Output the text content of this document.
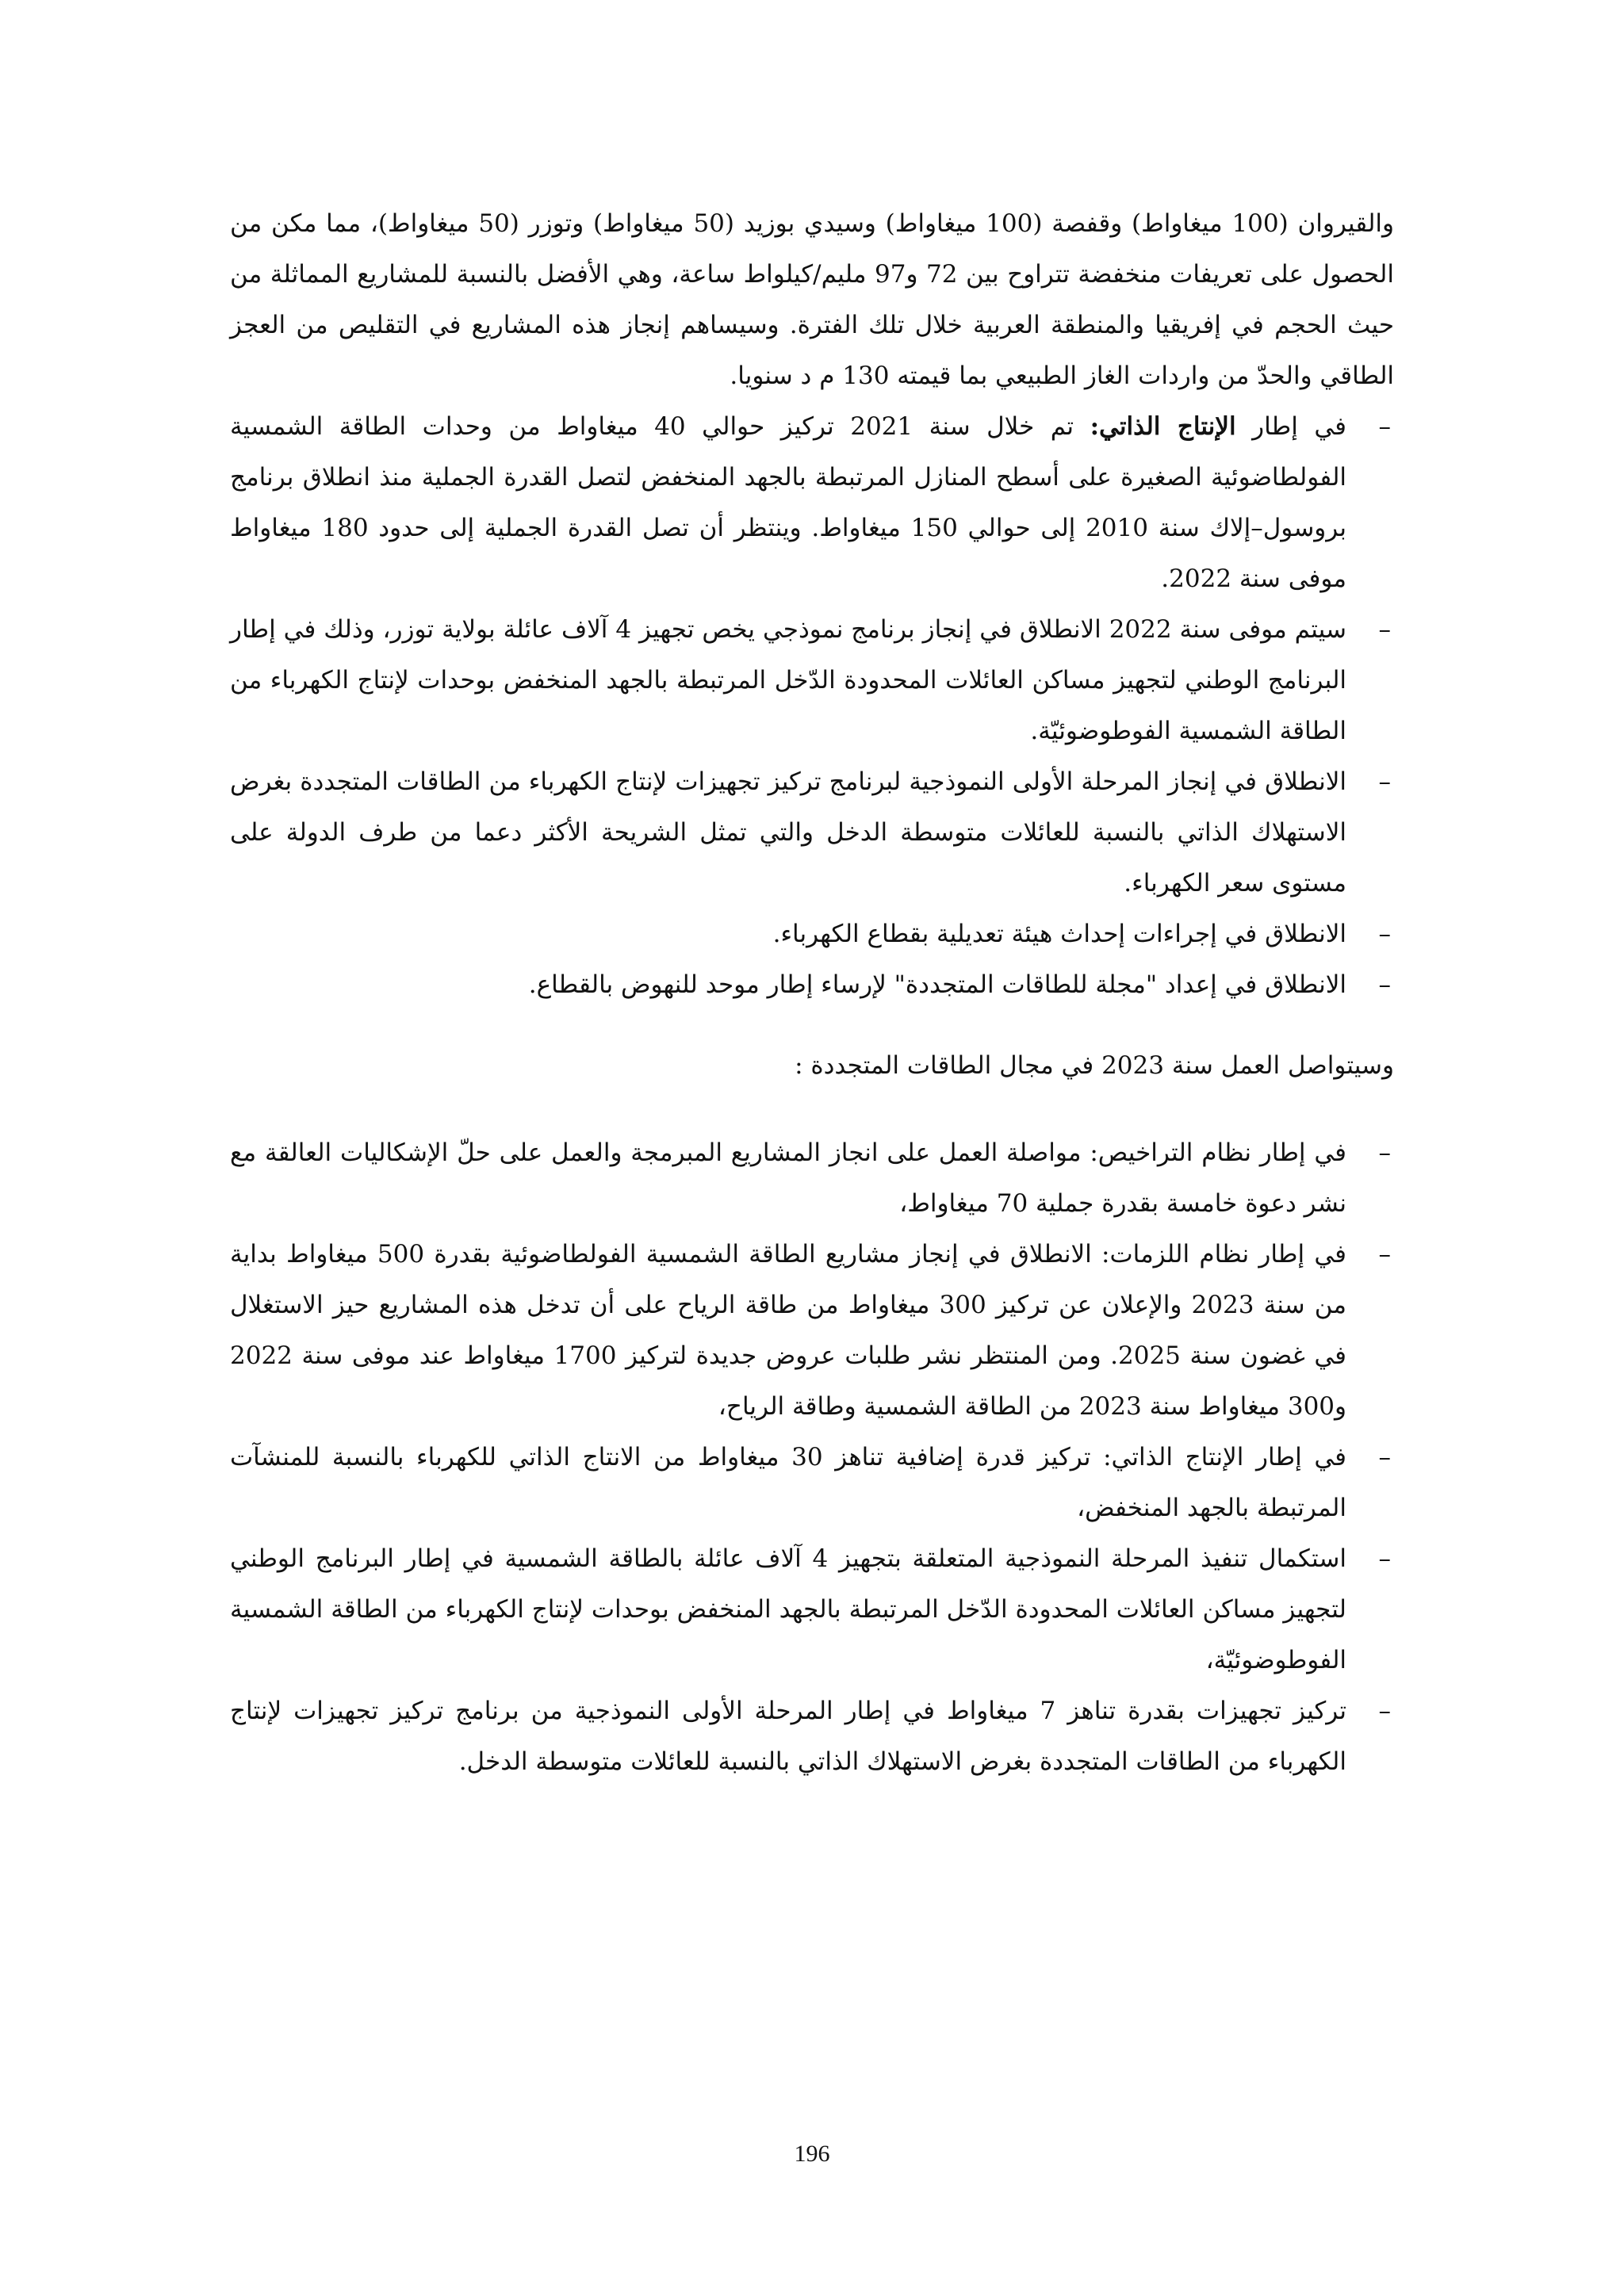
والقيروان (100 ميغاواط) وقفصة (100 ميغاواط) وسيدي بوزيد (50 ميغاواط) وتوزر (50 ميغاواط)، مما مكن من الحصول على تعريفات منخفضة تتراوح بين 72 و97 مليم/كيلواط ساعة، وهي الأفضل بالنسبة للمشاريع المماثلة من حيث الحجم في إفريقيا والمنطقة العربية خلال تلك الفترة. وسيساهم إنجاز هذه المشاريع في التقليص من العجز الطاقي والحدّ من واردات الغاز الطبيعي بما قيمته 130 م د سنويا.

–
في إطار الإنتاج الذاتي: تم خلال سنة 2021 تركيز حوالي 40 ميغاواط من وحدات الطاقة الشمسية الفولطاضوئية الصغيرة على أسطح المنازل المرتبطة بالجهد المنخفض لتصل القدرة الجملية منذ انطلاق برنامج بروسول–إلاك سنة 2010 إلى حوالي 150 ميغاواط. وينتظر أن تصل القدرة الجملية إلى حدود 180 ميغاواط موفى سنة 2022.
–
سيتم موفى سنة 2022 الانطلاق في إنجاز برنامج نموذجي يخص تجهيز 4 آلاف عائلة بولاية توزر، وذلك في إطار البرنامج الوطني لتجهيز مساكن العائلات المحدودة الدّخل المرتبطة بالجهد المنخفض بوحدات لإنتاج الكهرباء من الطاقة الشمسية الفوطوضوئيّة.
–
الانطلاق في إنجاز المرحلة الأولى النموذجية لبرنامج تركيز تجهيزات لإنتاج الكهرباء من الطاقات المتجددة بغرض الاستهلاك الذاتي بالنسبة للعائلات متوسطة الدخل والتي تمثل الشريحة الأكثر دعما من طرف الدولة على مستوى سعر الكهرباء.
–
الانطلاق في إجراءات إحداث هيئة تعديلية بقطاع الكهرباء.
–
الانطلاق في إعداد "مجلة للطاقات المتجددة" لإرساء إطار موحد للنهوض بالقطاع.

وسيتواصل العمل سنة 2023 في مجال الطاقات المتجددة :

–
في إطار نظام التراخيص: مواصلة العمل على انجاز المشاريع المبرمجة والعمل على حلّ الإشكاليات العالقة مع نشر دعوة خامسة بقدرة جملية 70 ميغاواط،
–
في إطار نظام اللزمات: الانطلاق في إنجاز مشاريع الطاقة الشمسية الفولطاضوئية بقدرة 500 ميغاواط بداية من سنة 2023 والإعلان عن تركيز 300 ميغاواط من طاقة الرياح على أن تدخل هذه المشاريع حيز الاستغلال في غضون سنة 2025. ومن المنتظر نشر طلبات عروض جديدة لتركيز 1700 ميغاواط عند موفى سنة 2022 و300 ميغاواط سنة 2023 من الطاقة الشمسية وطاقة الرياح،
–
في إطار الإنتاج الذاتي: تركيز قدرة إضافية تناهز 30 ميغاواط من الانتاج الذاتي للكهرباء بالنسبة للمنشآت المرتبطة بالجهد المنخفض،
–
استكمال تنفيذ المرحلة النموذجية المتعلقة بتجهيز 4 آلاف عائلة بالطاقة الشمسية في إطار البرنامج الوطني لتجهيز مساكن العائلات المحدودة الدّخل المرتبطة بالجهد المنخفض بوحدات لإنتاج الكهرباء من الطاقة الشمسية الفوطوضوئيّة،
–
تركيز تجهيزات بقدرة تناهز 7 ميغاواط في إطار المرحلة الأولى النموذجية من برنامج تركيز تجهيزات لإنتاج الكهرباء من الطاقات المتجددة بغرض الاستهلاك الذاتي بالنسبة للعائلات متوسطة الدخل.
196
